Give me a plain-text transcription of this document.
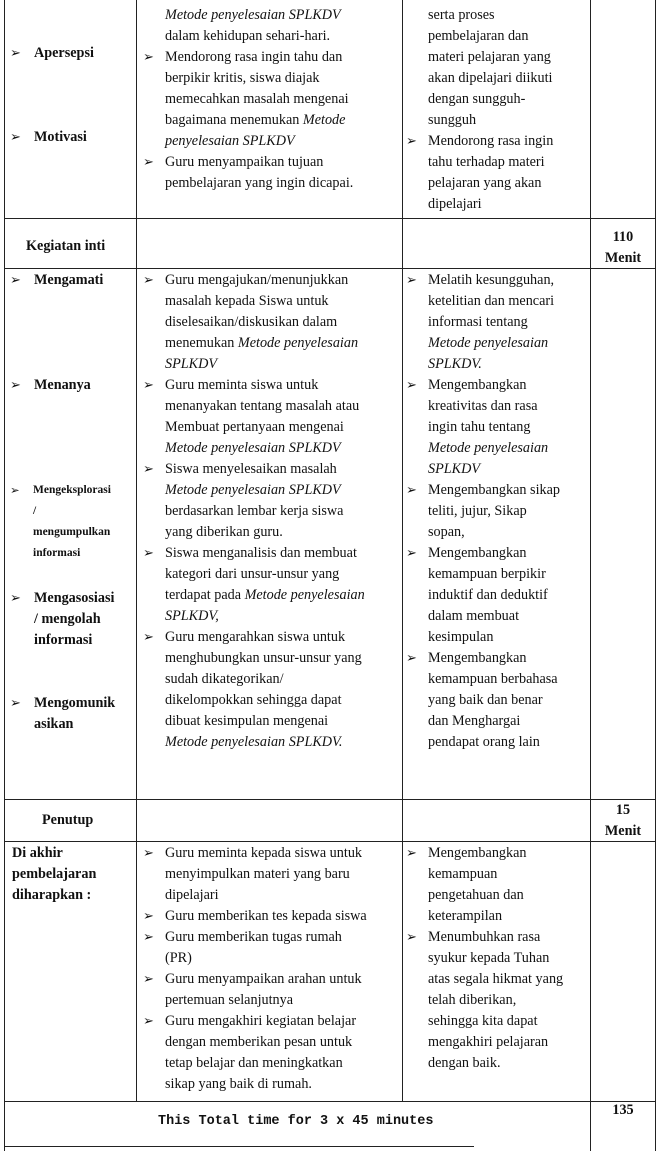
➢ Apersepsi
➢ Motivasi
Kegiatan inti
110
Menit
➢ Mengamati
➢ Menanya
➢ Mengeksplorasi
/
mengumpulkan
informasi
➢ Mengasosiasi
/ mengolah
informasi
➢ Mengomunik
asikan
Penutup
15
Menit
Di akhir
pembelajaran
diharapkan :
This Total time for 3 x 45 minutes
135
Metode penyelesaian SPLKDV
dalam kehidupan sehari-hari.
➢ Mendorong rasa ingin tahu dan
berpikir kritis, siswa diajak
memecahkan masalah mengenai
bagaimana menemukan Metode
penyelesaian SPLKDV
➢ Guru menyampaikan tujuan
pembelajaran yang ingin dicapai.
serta proses
pembelajaran dan
materi pelajaran yang
akan dipelajari diikuti
dengan sungguh-
sungguh
➢ Mendorong rasa ingin
tahu terhadap materi
pelajaran yang akan
dipelajari
➢ Guru mengajukan/menunjukkan
masalah kepada Siswa untuk
diselesaikan/diskusikan dalam
menemukan Metode penyelesaian
SPLKDV
➢ Guru meminta siswa untuk
menanyakan tentang masalah atau
Membuat pertanyaan mengenai
Metode penyelesaian SPLKDV
➢ Siswa menyelesaikan masalah
Metode penyelesaian SPLKDV
berdasarkan lembar kerja siswa
yang diberikan guru.
➢ Siswa menganalisis dan membuat
kategori dari unsur-unsur yang
terdapat pada Metode penyelesaian
SPLKDV,
➢ Guru mengarahkan siswa untuk
menghubungkan unsur-unsur yang
sudah dikategorikan/
dikelompokkan sehingga dapat
dibuat kesimpulan mengenai
Metode penyelesaian SPLKDV.
➢ Melatih kesungguhan,
ketelitian dan mencari
informasi tentang
Metode penyelesaian
SPLKDV.
➢ Mengembangkan
kreativitas dan rasa
ingin tahu tentang
Metode penyelesaian
SPLKDV
➢ Mengembangkan sikap
teliti, jujur, Sikap
sopan,
➢ Mengembangkan
kemampuan berpikir
induktif dan deduktif
dalam membuat
kesimpulan
➢ Mengembangkan
kemampuan berbahasa
yang baik dan benar
dan Menghargai
pendapat orang lain
➢ Guru meminta kepada siswa untuk
menyimpulkan materi yang baru
dipelajari
➢ Guru memberikan tes kepada siswa
➢ Guru memberikan tugas rumah
(PR)
➢ Guru menyampaikan arahan untuk
pertemuan selanjutnya
➢ Guru mengakhiri kegiatan belajar
dengan memberikan pesan untuk
tetap belajar dan meningkatkan
sikap yang baik di rumah.
➢ Mengembangkan
kemampuan
pengetahuan dan
keterampilan
➢ Menumbuhkan rasa
syukur kepada Tuhan
atas segala hikmat yang
telah diberikan,
sehingga kita dapat
mengakhiri pelajaran
dengan baik.
